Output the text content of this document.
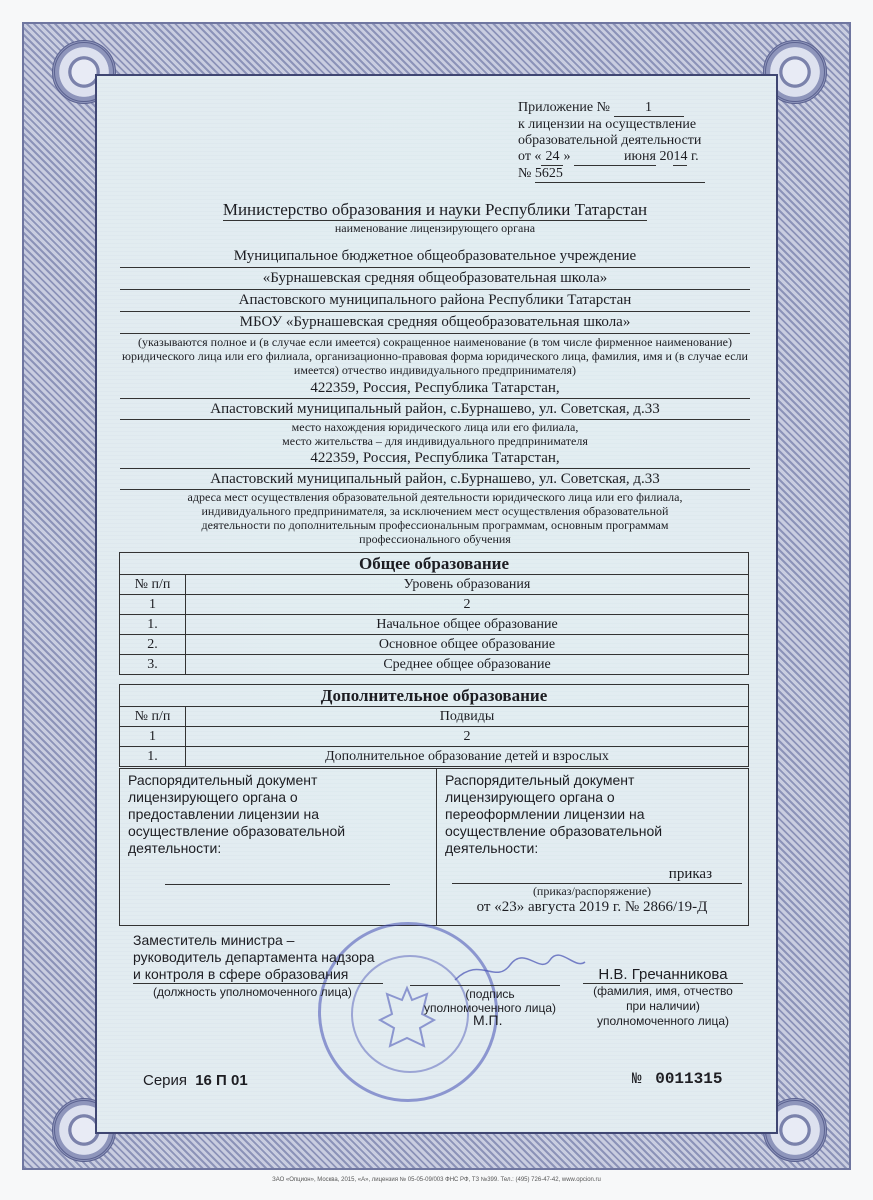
Приложение №	1
к лицензии на осуществление
образовательной деятельности
от « 24 »	июня 2014 г.
№ 5625
Министерство образования и науки Республики Татарстан
наименование лицензирующего органа
Муниципальное бюджетное общеобразовательное учреждение
«Бурнашевская средняя общеобразовательная школа»
Апастовского муниципального района Республики Татарстан
МБОУ «Бурнашевская средняя общеобразовательная школа»
(указываются полное и (в случае если имеется) сокращенное наименование (в том числе фирменное наименование) юридического лица или его филиала, организационно-правовая форма юридического лица, фамилия, имя и (в случае если имеется) отчество индивидуального предпринимателя)
422359, Россия, Республика Татарстан,
Апастовский муниципальный район, с.Бурнашево, ул. Советская, д.33
место нахождения юридического лица или его филиала,
место жительства – для индивидуального предпринимателя
422359, Россия, Республика Татарстан,
Апастовский муниципальный район, с.Бурнашево, ул. Советская, д.33
адреса мест осуществления образовательной деятельности юридического лица или его филиала, индивидуального предпринимателя, за исключением мест осуществления образовательной деятельности по дополнительным профессиональным программам, основным программам профессионального обучения
Общее образование
№ п/п	Уровень образования
1	2
1.	Начальное общее образование
2.	Основное общее образование
3.	Среднее общее образование
Дополнительное образование
№ п/п	Подвиды
1	2
1.	Дополнительное образование детей и взрослых
Распорядительный документ лицензирующего органа о предоставлении лицензии на осуществление образовательной деятельности:
Распорядительный документ лицензирующего органа о переоформлении лицензии на осуществление образовательной деятельности:
приказ
(приказ/распоряжение)
от «23» августа 2019 г. № 2866/19-Д
Заместитель министра –
руководитель департамента надзора
и контроля в сфере образования
(должность уполномоченного лица)	(подпись
уполномоченного лица)
М.П.
Н.В. Гречанникова
(фамилия, имя, отчество
при наличии)
уполномоченного лица)
Серия 16 П 01	№ 0011315
ЗАО «Опцион», Москва, 2015, «А», лицензия № 05-05-09/003 ФНС РФ, ТЗ №399. Тел.: (495) 726-47-42, www.opcion.ru
